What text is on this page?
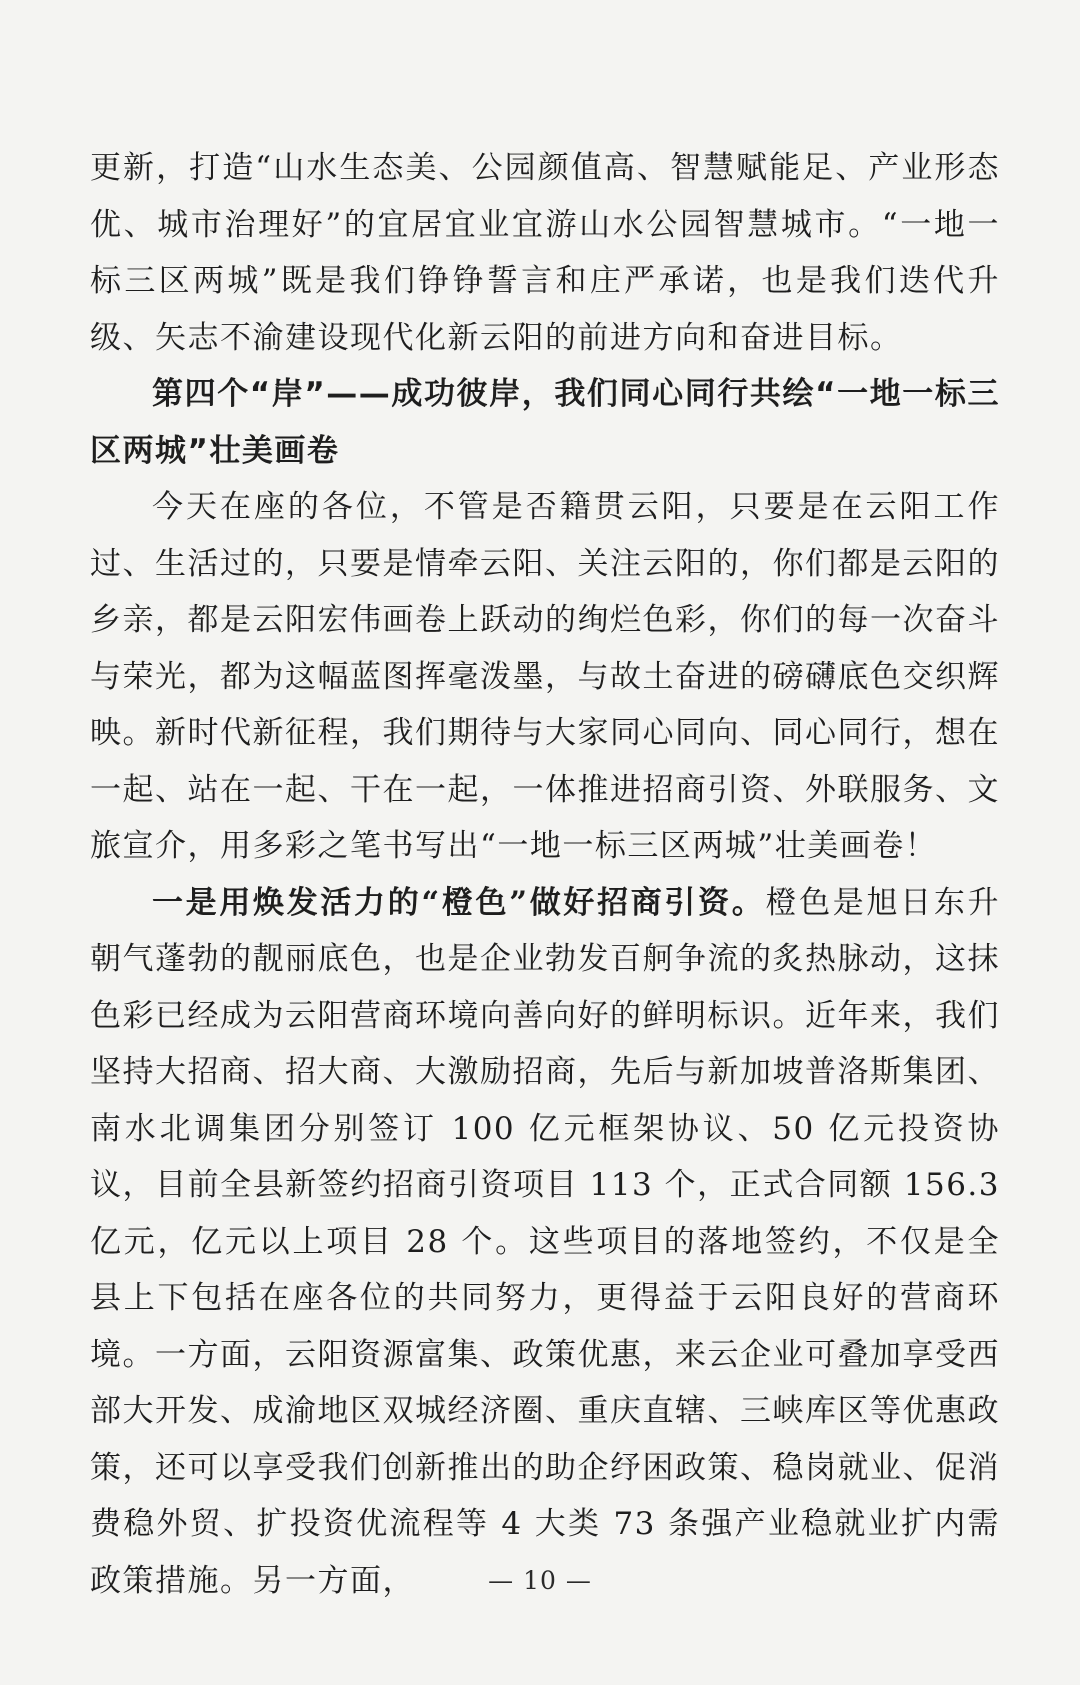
更新，打造“山水生态美、公园颜值高、智慧赋能足、产业形态优、城市治理好”的宜居宜业宜游山水公园智慧城市。“一地一标三区两城”既是我们铮铮誓言和庄严承诺，也是我们迭代升级、矢志不渝建设现代化新云阳的前进方向和奋进目标。

第四个“岸”——成功彼岸，我们同心同行共绘“一地一标三区两城”壮美画卷

今天在座的各位，不管是否籍贯云阳，只要是在云阳工作过、生活过的，只要是情牵云阳、关注云阳的，你们都是云阳的乡亲，都是云阳宏伟画卷上跃动的绚烂色彩，你们的每一次奋斗与荣光，都为这幅蓝图挥毫泼墨，与故土奋进的磅礴底色交织辉映。新时代新征程，我们期待与大家同心同向、同心同行，想在一起、站在一起、干在一起，一体推进招商引资、外联服务、文旅宣介，用多彩之笔书写出“一地一标三区两城”壮美画卷！

一是用焕发活力的“橙色”做好招商引资。橙色是旭日东升朝气蓬勃的靓丽底色，也是企业勃发百舸争流的炙热脉动，这抹色彩已经成为云阳营商环境向善向好的鲜明标识。近年来，我们坚持大招商、招大商、大激励招商，先后与新加坡普洛斯集团、南水北调集团分别签订 100 亿元框架协议、50 亿元投资协议，目前全县新签约招商引资项目 113 个，正式合同额 156.3 亿元，亿元以上项目 28 个。这些项目的落地签约，不仅是全县上下包括在座各位的共同努力，更得益于云阳良好的营商环境。一方面，云阳资源富集、政策优惠，来云企业可叠加享受西部大开发、成渝地区双城经济圈、重庆直辖、三峡库区等优惠政策，还可以享受我们创新推出的助企纾困政策、稳岗就业、促消费稳外贸、扩投资优流程等 4 大类 73 条强产业稳就业扩内需政策措施。另一方面，	— 10 —
